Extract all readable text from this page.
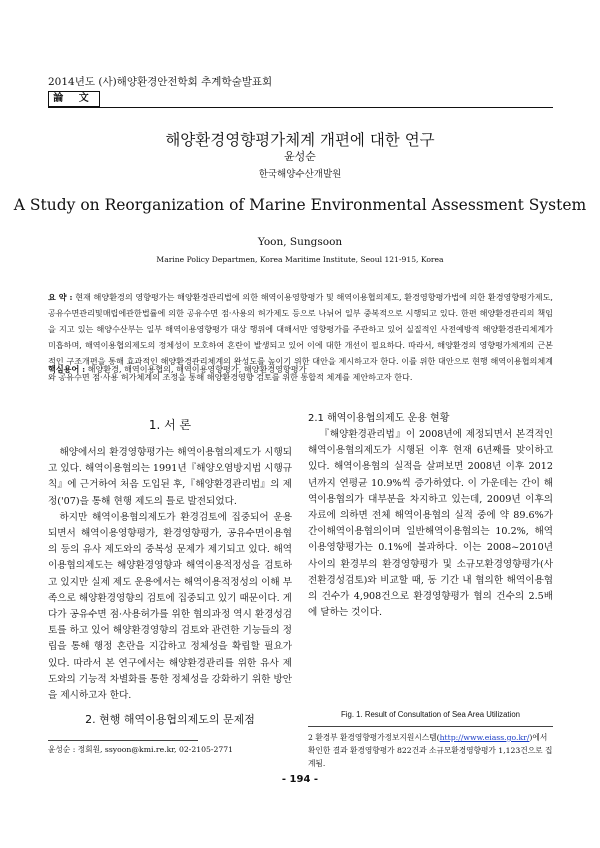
2014년도 (사)해양환경안전학회 추계학술발표회
論 文
해양환경영향평가체계 개편에 대한 연구
윤성순
한국해양수산개발원
A Study on Reorganization of Marine Environmental Assessment System
Yoon, Sungsoon
Marine Policy Departmen, Korea Maritime Institute, Seoul 121-915, Korea

요 약 : 현재 해양환경의 영향평가는 해양환경관리법에 의한 해역이용영향평가 및 해역이용협의제도, 환경영향평가법에 의한 환경영향평가제도, 공유수면관리및매립에관한법률에 의한 공유수면 점·사용의 허가제도 등으로 나뉘어 일부 중복적으로 시행되고 있다. 한편 해양환경관리의 책임을 지고 있는 해양수산부는 일부 해역이용영향평가 대상 행위에 대해서만 영향평가를 주관하고 있어 실질적인 사전예방적 해양환경관리체계가 미흡하며, 해역이용협의제도의 정체성이 모호하여 혼란이 발생되고 있어 이에 대한 개선이 필요하다. 따라서, 해양환경의 영향평가체계의 근본적인 구조개편을 통해 효과적인 해양환경관리체계의 완성도를 높이기 위한 대안을 제시하고자 한다. 이를 위한 대안으로 현행 해역이용협의체계와 공유수면 점·사용 허가체계의 조정을 통해 해양환경영향 검토를 위한 통합적 체계를 제안하고자 한다.

핵심용어 : 해양환경, 해역이용협의, 해역이용영향평가, 해양환경영향평가

1. 서 론

해양에서의 환경영향평가는 해역이용협의제도가 시행되고 있다. 해역이용협의는 1991년『해양오염방지법 시행규칙』에 근거하여 처음 도입된 후,『해양환경관리법』의 제정('07)을 통해 현행 제도의 틀로 발전되었다.

하지만 해역이용협의제도가 환경검토에 집중되어 운용되면서 해역이용영향평가, 환경영향평가, 공유수면이용협의 등의 유사 제도와의 중복성 문제가 제기되고 있다. 해역이용협의제도는 해양환경영향과 해역이용적정성을 검토하고 있지만 실제 제도 운용에서는 해역이용적정성의 이해 부족으로 해양환경영향의 검토에 집중되고 있기 때문이다. 게다가 공유수면 점·사용허가를 위한 협의과정 역시 환경성검토를 하고 있어 해양환경영향의 검토와 관련한 기능들의 정립을 통해 행정 혼란을 지갑하고 정체성을 확립할 필요가 있다. 따라서 본 연구에서는 해양환경관리를 위한 유사 제도와의 기능적 차별화를 통한 정체성을 강화하기 위한 방안을 제시하고자 한다.

2. 현행 해역이용협의제도의 문제점
2.1 해역이용협의제도 운용 현황

『해양환경관리법』이 2008년에 제정되면서 본격적인 해역이용협의제도가 시행된 이후 현재 6년째를 맞이하고 있다. 해역이용협의 실적을 살펴보면 2008년 이후 2012년까지 연평균 10.9%씩 증가하였다. 이 가운데는 간이 해역이용협의가 대부분을 차지하고 있는데, 2009년 이후의 자료에 의하면 전체 해역이용협의 실적 중에 약 89.6%가 간이해역이용협의이며 일반해역이용협의는 10.2%, 해역이용영향평가는 0.1%에 불과하다. 이는 2008~2010년 사이의 환경부의 환경영향평가 및 소규모환경영향평가(사전환경성검토)와 비교할 때, 동 기간 내 협의한 해역이용협의 건수가 4,908건으로 환경영향평가 협의 건수의 2.5배에 달하는 것이다.

Fig. 1. Result of Consultation of Sea Area Utilization

2 환경부 환경영향평가정보지원시스템(http://www.eiass.go.kr/)에서 확인한 결과 환경영향평가 822건과 소규모환경영향평가 1,123건으로 집계됨.

윤성순 : 정회원, ssyoon@kmi.re.kr, 02-2105-2771
- 194 -
